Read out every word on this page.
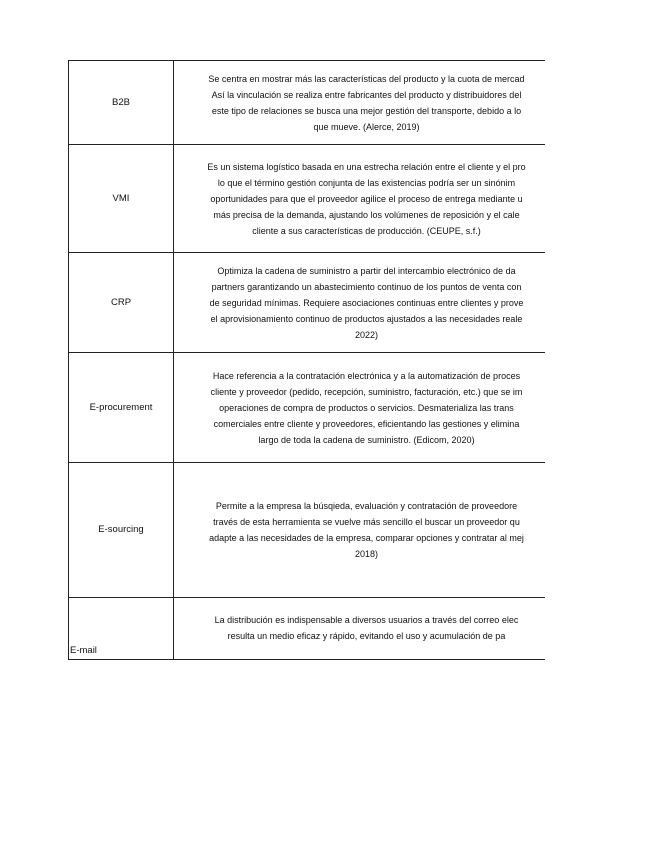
B2B	Se centra en mostrar más las características del producto y la cuota de mercad
Así la vinculación se realiza entre fabricantes del producto y distribuidores del
este tipo de relaciones se busca una mejor gestión del transporte, debido a lo
que mueve. (Alerce, 2019)

VMI	Es un sistema logístico basada en una estrecha relación entre el cliente y el pro
lo que el término gestión conjunta de las existencias podría ser un sinónim
oportunidades para que el proveedor agilice el proceso de entrega mediante u
más precisa de la demanda, ajustando los volúmenes de reposición y el cale
cliente a sus características de producción. (CEUPE, s.f.)

CRP	Optimiza la cadena de suministro a partir del intercambio electrónico de da
partners garantizando un abastecimiento continuo de los puntos de venta con
de seguridad mínimas. Requiere asociaciones continuas entre clientes y prove
el aprovisionamiento continuo de productos ajustados a las necesidades reale
2022)

E-procurement	Hace referencia a la contratación electrónica y a la automatización de proces
cliente y proveedor (pedido, recepción, suministro, facturación, etc.) que se im
operaciones de compra de productos o servicios. Desmaterializa las trans
comerciales entre cliente y proveedores, eficientando las gestiones y elimina
largo de toda la cadena de suministro. (Edicom, 2020)

E-sourcing	Permite a la empresa la búsqieda, evaluación y contratación de proveedore
través de esta herramienta se vuelve más sencillo el buscar un proveedor qu
adapte a las necesidades de la empresa, comparar opciones y contratar al mej
2018)

E-mail	La distribución es indispensable a diversos usuarios a través del correo elec
resulta un medio eficaz y rápido, evitando el uso y acumulación de pa
